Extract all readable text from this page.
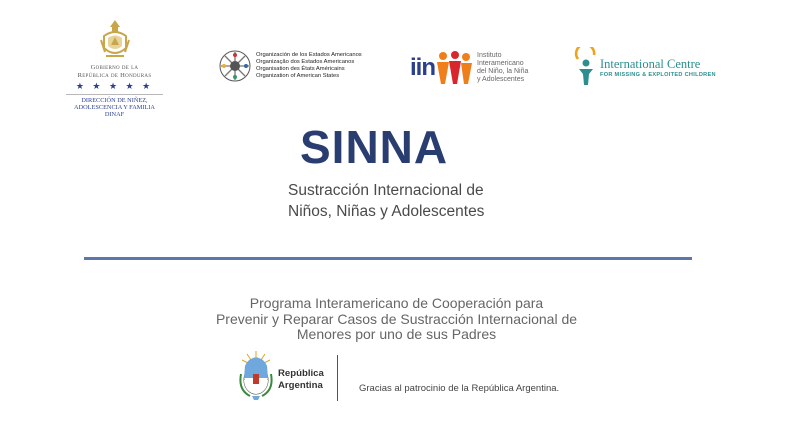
Gobierno de la
República de Honduras
★ ★ ★ ★ ★
DIRECCIÓN DE NIÑEZ,
ADOLESCENCIA Y FAMILIA
DINAF
Organización de los Estados Americanos
Organização dos Estados Americanos
Organisation des États Américains
Organization of American States	iin	Instituto
Interamericano
del Niño, la Niña
y Adolescentes
International Centre
FOR MISSING & EXPLOITED CHILDREN
SINNA
Sustracción Internacional de
Niños, Niñas y Adolescentes
Programa Interamericano de Cooperación para
Prevenir y Reparar Casos de Sustracción Internacional de
Menores por uno de sus Padres
República
Argentina	Gracias al patrocinio de la República Argentina.
